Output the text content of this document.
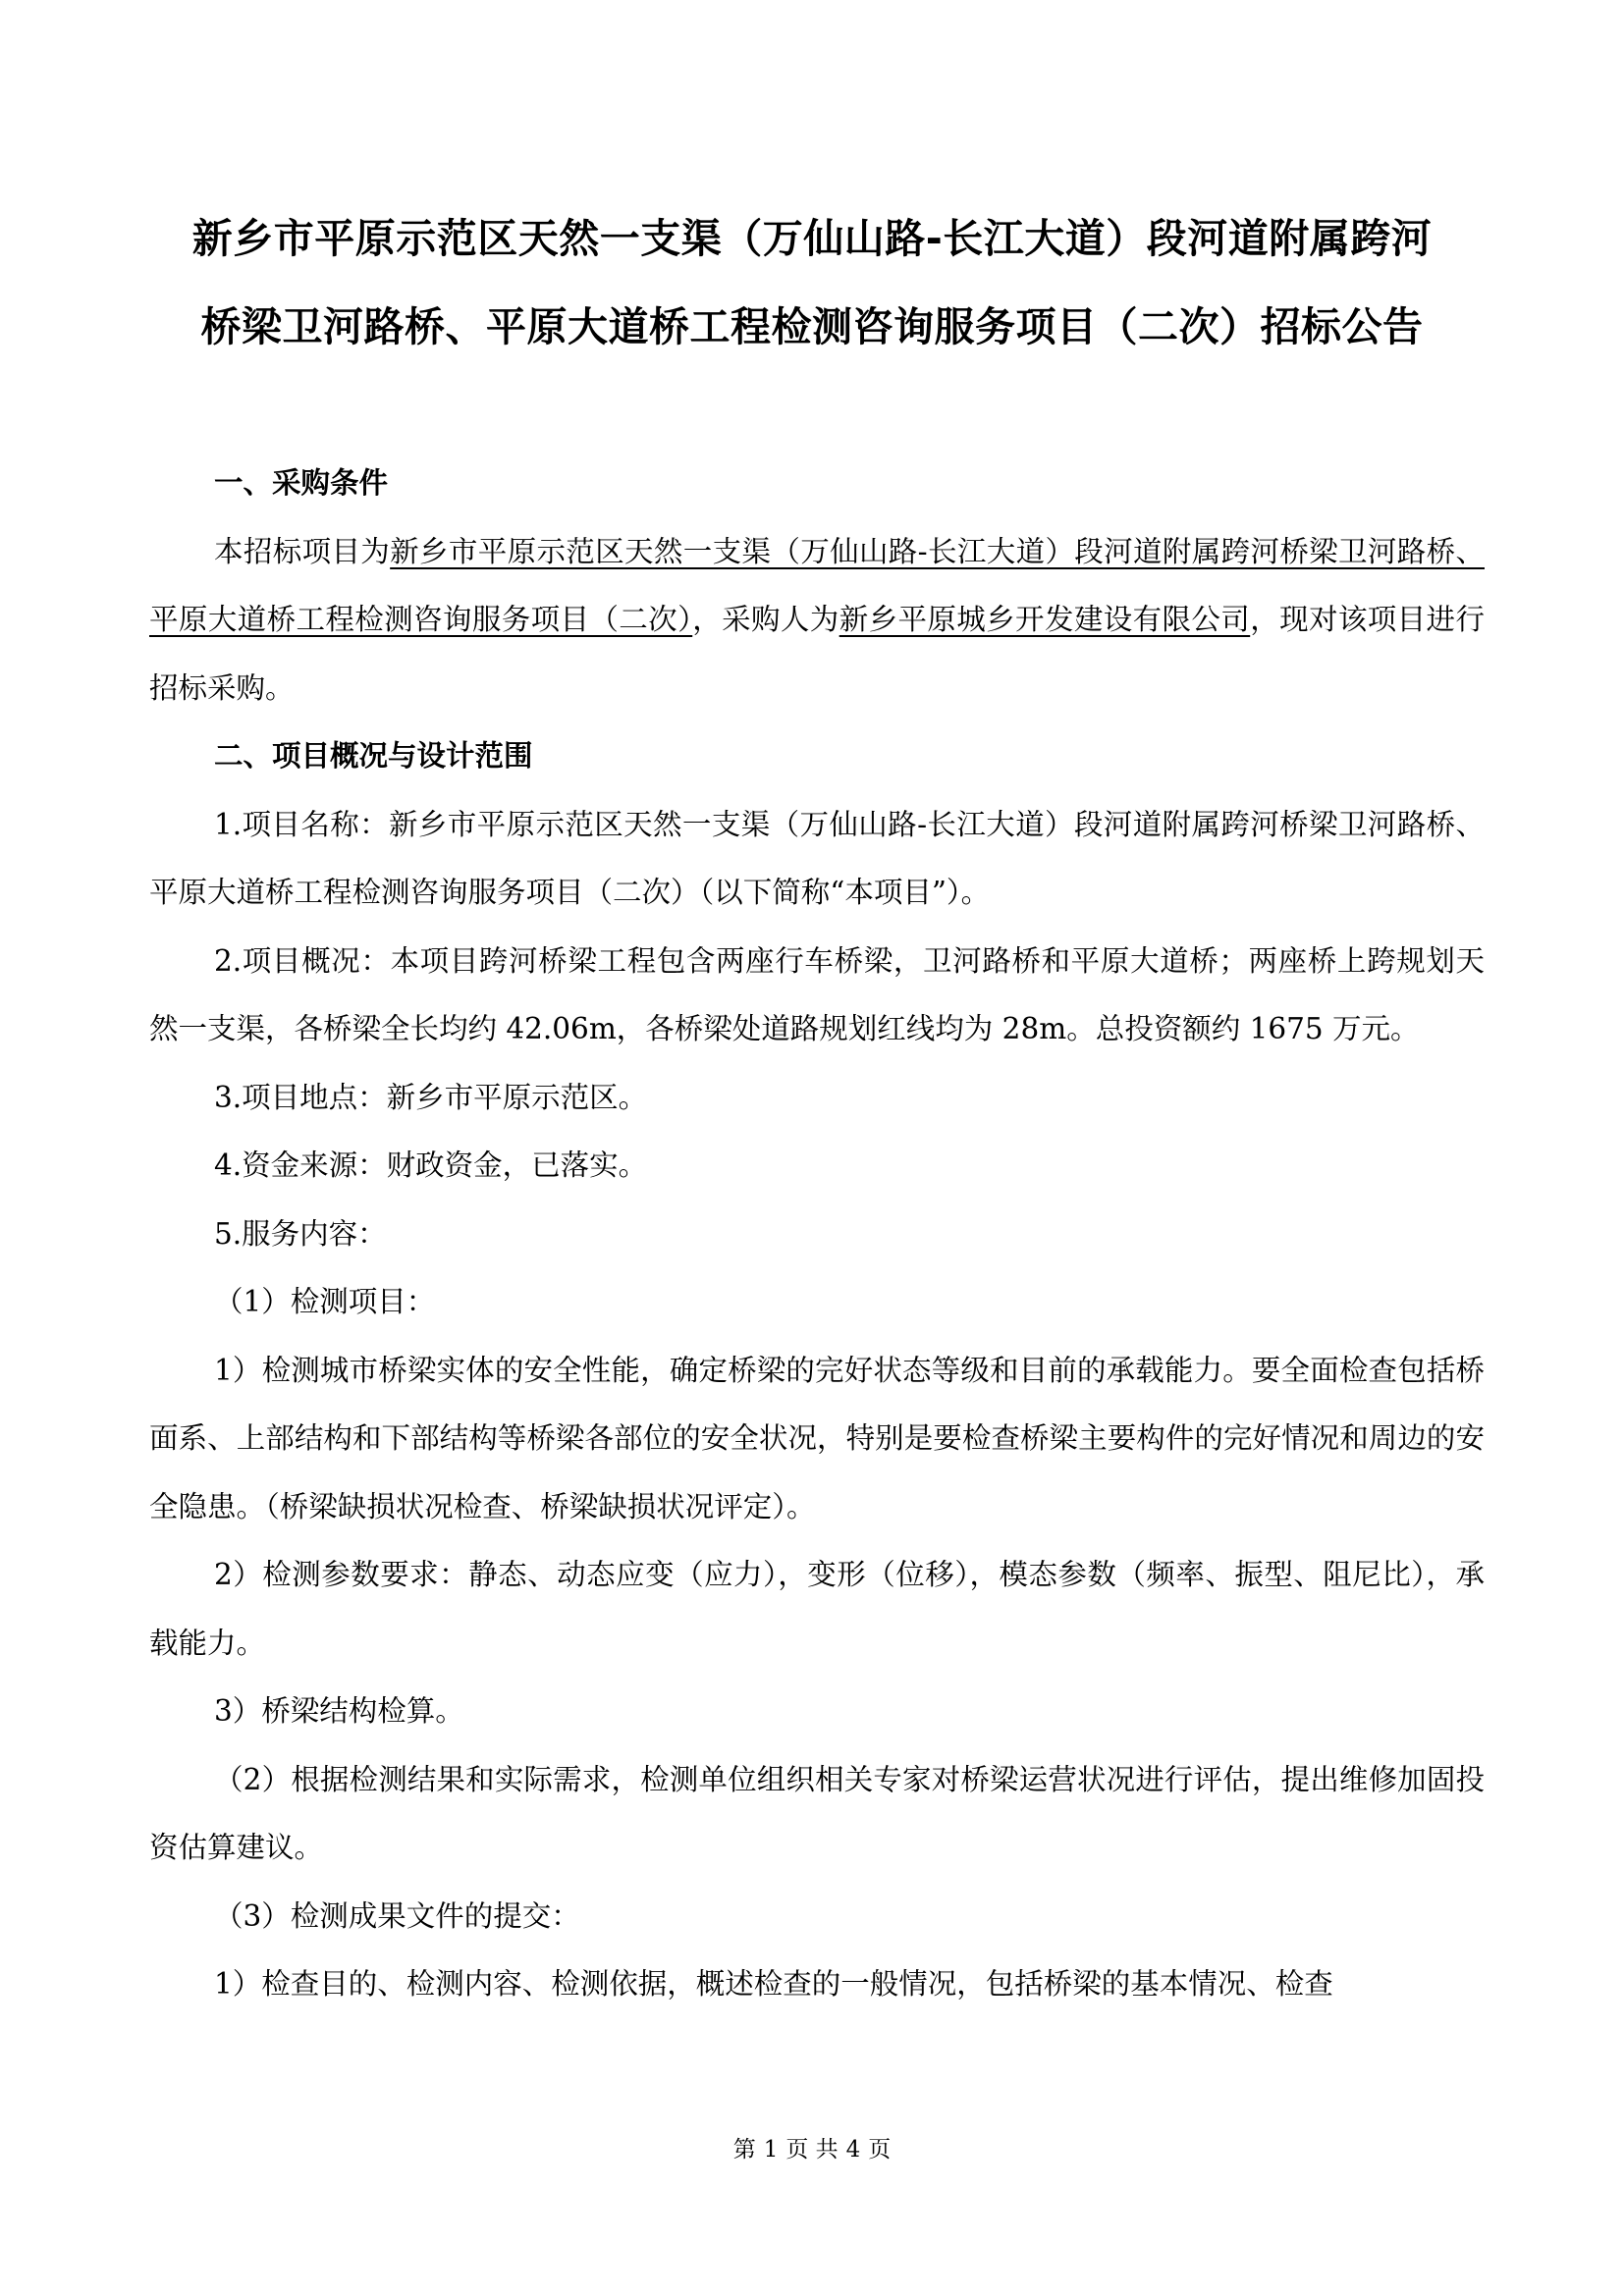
新乡市平原示范区天然一支渠（万仙山路-长江大道）段河道附属跨河
桥梁卫河路桥、平原大道桥工程检测咨询服务项目（二次）招标公告

一、采购条件

本招标项目为新乡市平原示范区天然一支渠（万仙山路-长江大道）段河道附属跨河桥梁卫河路桥、平原大道桥工程检测咨询服务项目（二次），采购人为新乡平原城乡开发建设有限公司，现对该项目进行招标采购。

二、项目概况与设计范围

1.项目名称：新乡市平原示范区天然一支渠（万仙山路-长江大道）段河道附属跨河桥梁卫河路桥、平原大道桥工程检测咨询服务项目（二次）（以下简称“本项目”）。

2.项目概况：本项目跨河桥梁工程包含两座行车桥梁，卫河路桥和平原大道桥；两座桥上跨规划天然一支渠，各桥梁全长均约 42.06m，各桥梁处道路规划红线均为 28m。总投资额约 1675 万元。

3.项目地点：新乡市平原示范区。

4.资金来源：财政资金，已落实。

5.服务内容：

（1）检测项目：

1）检测城市桥梁实体的安全性能，确定桥梁的完好状态等级和目前的承载能力。要全面检查包括桥面系、上部结构和下部结构等桥梁各部位的安全状况，特别是要检查桥梁主要构件的完好情况和周边的安全隐患。（桥梁缺损状况检查、桥梁缺损状况评定）。

2）检测参数要求：静态、动态应变（应力），变形（位移），模态参数（频率、振型、阻尼比），承载能力。

3）桥梁结构检算。

（2）根据检测结果和实际需求，检测单位组织相关专家对桥梁运营状况进行评估，提出维修加固投资估算建议。

（3）检测成果文件的提交：

1）检查目的、检测内容、检测依据，概述检查的一般情况，包括桥梁的基本情况、检查

第 1 页 共 4 页
